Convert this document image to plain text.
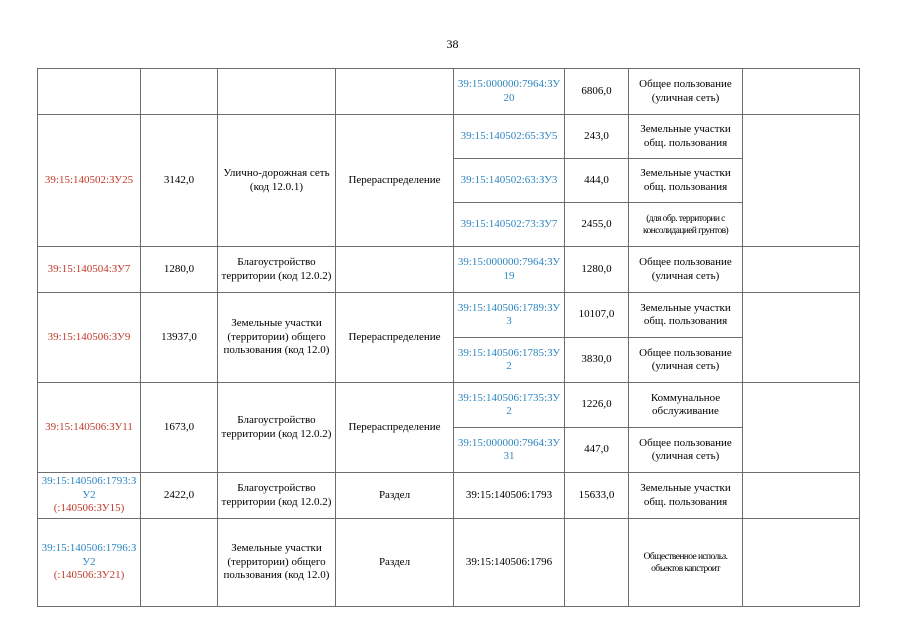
38
				39:15:000000:7964:ЗУ20	6806,0	Общее пользование (уличная сеть)	
39:15:140502:ЗУ25	3142,0	Улично-дорожная сеть (код 12.0.1)	Перераспределение	39:15:140502:65:ЗУ5	243,0	Земельные участки общ. пользования	
				39:15:140502:63:ЗУ3	444,0	Земельные участки общ. пользования	
				39:15:140502:73:ЗУ7	2455,0	(для обр. территории с консолидацией грунтов)	
39:15:140504:ЗУ7	1280,0	Благоустройство территории (код 12.0.2)		39:15:000000:7964:ЗУ19	1280,0	Общее пользование (уличная сеть)	
39:15:140506:ЗУ9	13937,0	Земельные участки (территории) общего пользования (код 12.0)	Перераспределение	39:15:140506:1789:ЗУ3	10107,0	Земельные участки общ. пользования	
				39:15:140506:1785:ЗУ2	3830,0	Общее пользование (уличная сеть)	
39:15:140506:ЗУ11	1673,0	Благоустройство территории (код 12.0.2)	Перераспределение	39:15:140506:1735:ЗУ2	1226,0	Коммунальное обслуживание	
				39:15:000000:7964:ЗУ31	447,0	Общее пользование (уличная сеть)	

39:15:140506:1793:ЗУ2
(:140506:ЗУ15)	2422,0	Благоустройство территории (код 12.0.2)	Раздел	39:15:140506:1793	15633,0	Земельные участки общ. пользования	

39:15:140506:1796:ЗУ2
(:140506:ЗУ21)		Земельные участки (территории) общего пользования (код 12.0)	Раздел	39:15:140506:1796		Общественное использ. объектов капстроит	
